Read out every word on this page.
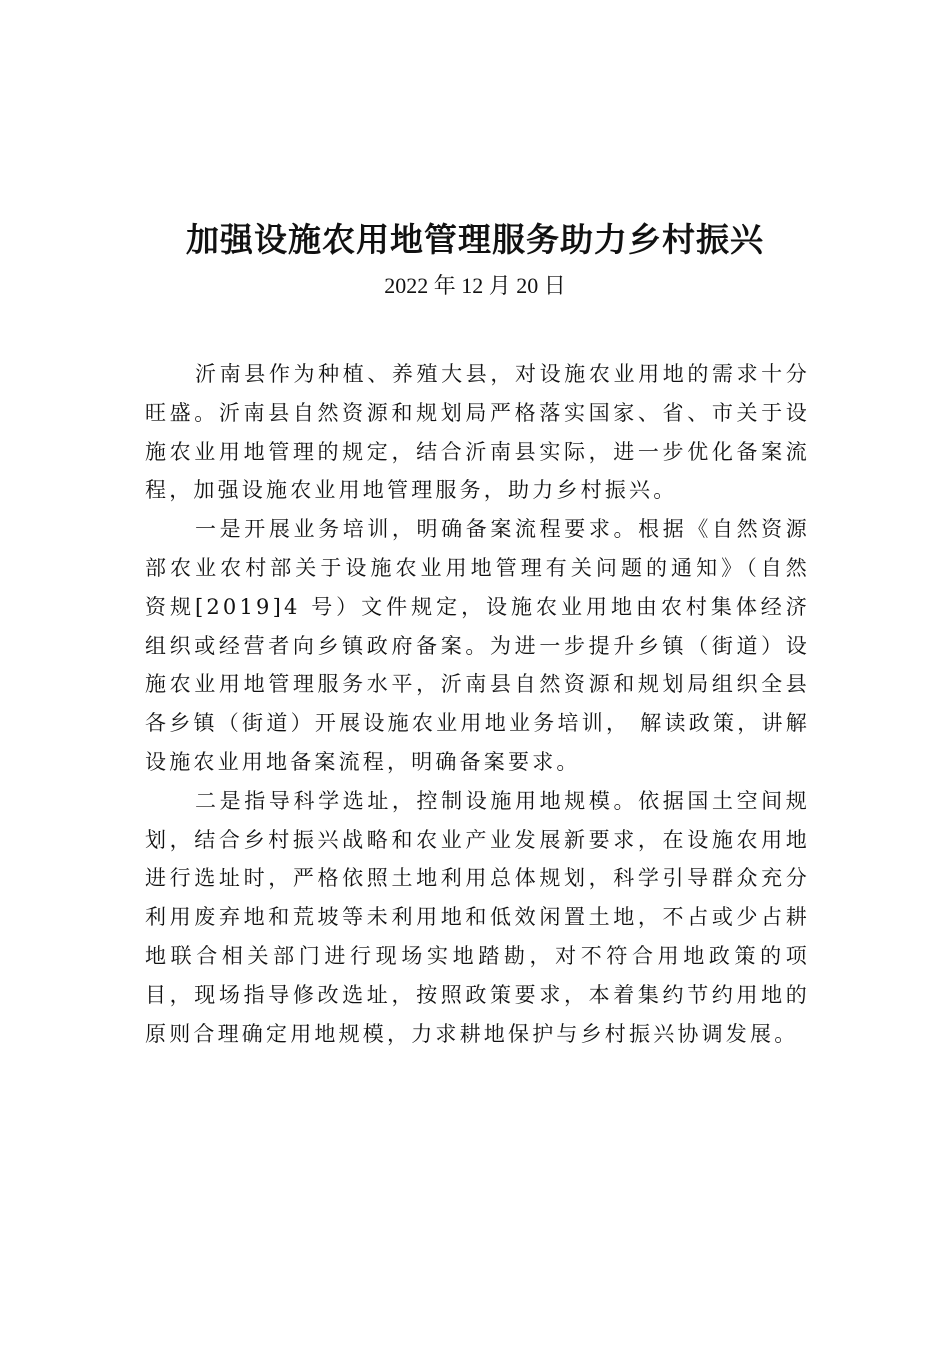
加强设施农用地管理服务助力乡村振兴
2022 年 12 月 20 日

沂南县作为种植、养殖大县，对设施农业用地的需求十分旺盛。沂南县自然资源和规划局严格落实国家、省、市关于设施农业用地管理的规定，结合沂南县实际，进一步优化备案流程，加强设施农业用地管理服务，助力乡村振兴。

一是开展业务培训，明确备案流程要求。根据《自然资源部农业农村部关于设施农业用地管理有关问题的通知》（自然资规[2019]4 号）文件规定，设施农业用地由农村集体经济组织或经营者向乡镇政府备案。为进一步提升乡镇（街道）设施农业用地管理服务水平，沂南县自然资源和规划局组织全县各乡镇（街道）开展设施农业用地业务培训， 解读政策，讲解设施农业用地备案流程，明确备案要求。

二是指导科学选址，控制设施用地规模。依据国土空间规划，结合乡村振兴战略和农业产业发展新要求，在设施农用地进行选址时，严格依照土地利用总体规划，科学引导群众充分利用废弃地和荒坡等未利用地和低效闲置土地，不占或少占耕地联合相关部门进行现场实地踏勘，对不符合用地政策的项目，现场指导修改选址，按照政策要求，本着集约节约用地的原则合理确定用地规模，力求耕地保护与乡村振兴协调发展。
